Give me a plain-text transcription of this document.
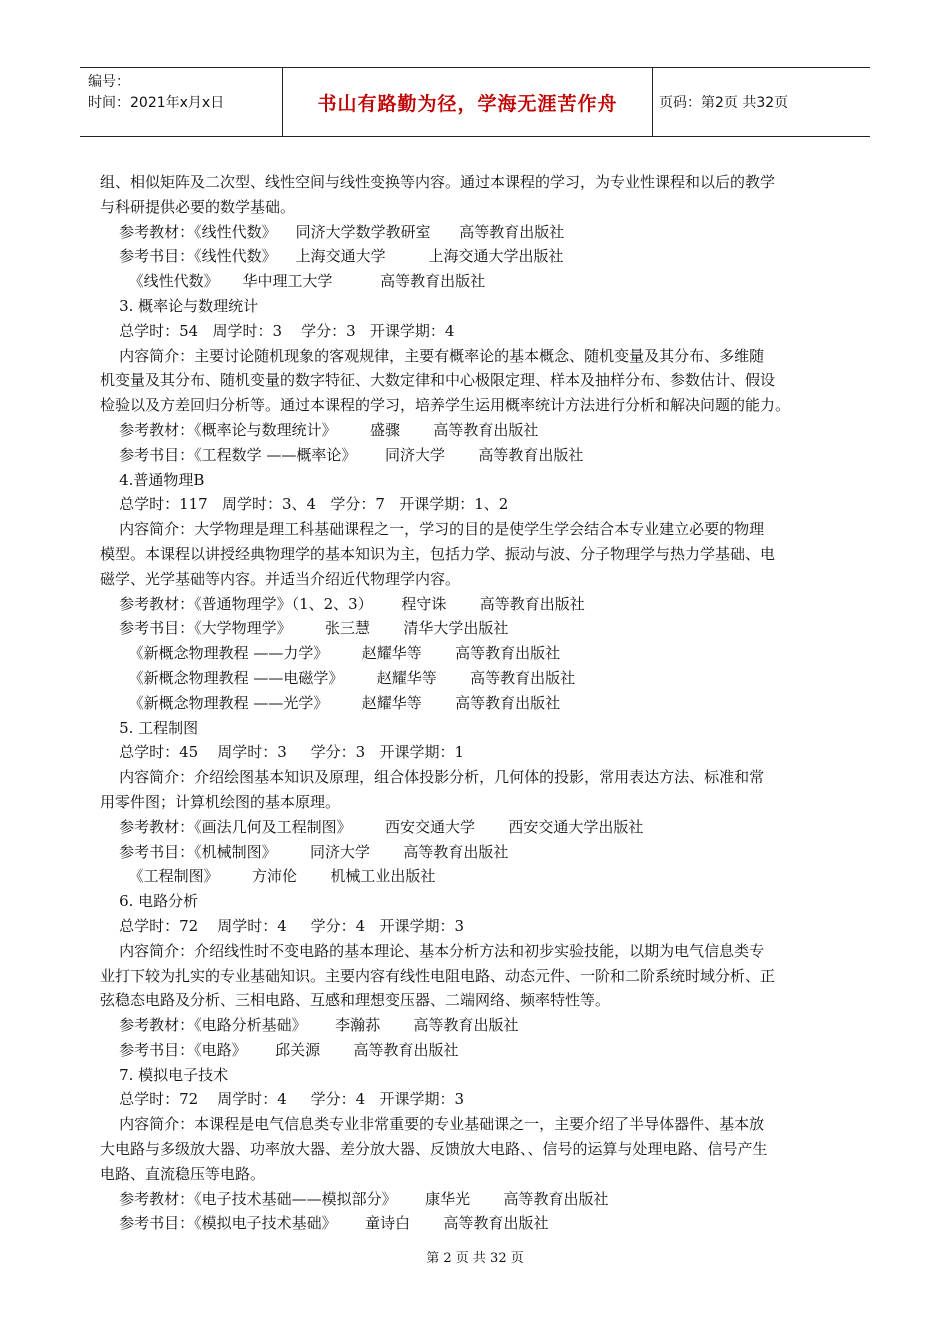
编号：
时间：2021年x月x日	书山有路勤为径，学海无涯苦作舟	页码：第2页 共32页
组、相似矩阵及二次型、线性空间与线性变换等内容。通过本课程的学习，为专业性课程和以后的教学
与科研提供必要的数学基础。
参考教材：《线性代数》    同济大学数学教研室      高等教育出版社
参考书目：《线性代数》    上海交通大学         上海交通大学出版社
《线性代数》     华中理工大学          高等教育出版社
3. 概率论与数理统计
总学时：54   周学时：3    学分：3   开课学期：4
内容简介：主要讨论随机现象的客观规律，主要有概率论的基本概念、随机变量及其分布、多维随
机变量及其分布、随机变量的数字特征、大数定律和中心极限定理、样本及抽样分布、参数估计、假设
检验以及方差回归分析等。通过本课程的学习，培养学生运用概率统计方法进行分析和解决问题的能力。
参考教材：《概率论与数理统计》       盛骤       高等教育出版社
参考书目：《工程数学 ——概率论》      同济大学       高等教育出版社
4.普通物理B
总学时：117   周学时：3、4   学分：7   开课学期：1、2
内容简介：大学物理是理工科基础课程之一，学习的目的是使学生学会结合本专业建立必要的物理
模型。本课程以讲授经典物理学的基本知识为主，包括力学、振动与波、分子物理学与热力学基础、电
磁学、光学基础等内容。并适当介绍近代物理学内容。
参考教材：《普通物理学》（1、2、3）      程守诛       高等教育出版社
参考书目：《大学物理学》       张三慧       清华大学出版社
《新概念物理教程 ——力学》       赵耀华等       高等教育出版社
《新概念物理教程 ——电磁学》       赵耀华等       高等教育出版社
《新概念物理教程 ——光学》       赵耀华等       高等教育出版社
5. 工程制图
总学时：45    周学时：3     学分：3   开课学期：1
内容简介：介绍绘图基本知识及原理，组合体投影分析，几何体的投影，常用表达方法、标准和常
用零件图；计算机绘图的基本原理。
参考教材：《画法几何及工程制图》       西安交通大学       西安交通大学出版社
参考书目：《机械制图》       同济大学       高等教育出版社
《工程制图》       方沛伦       机械工业出版社
6. 电路分析
总学时：72    周学时：4     学分：4   开课学期：3
内容简介：介绍线性时不变电路的基本理论、基本分析方法和初步实验技能，以期为电气信息类专
业打下较为扎实的专业基础知识。主要内容有线性电阻电路、动态元件、一阶和二阶系统时域分析、正
弦稳态电路及分析、三相电路、互感和理想变压器、二端网络、频率特性等。
参考教材：《电路分析基础》      李瀚荪       高等教育出版社
参考书目：《电路》      邱关源       高等教育出版社
7. 模拟电子技术
总学时：72    周学时：4     学分：4   开课学期：3
内容简介：本课程是电气信息类专业非常重要的专业基础课之一，主要介绍了半导体器件、基本放
大电路与多级放大器、功率放大器、差分放大器、反馈放大电路、、信号的运算与处理电路、信号产生
电路、直流稳压等电路。
参考教材：《电子技术基础——模拟部分》      康华光       高等教育出版社
参考书目：《模拟电子技术基础》      童诗白       高等教育出版社
第 2 页 共 32 页
